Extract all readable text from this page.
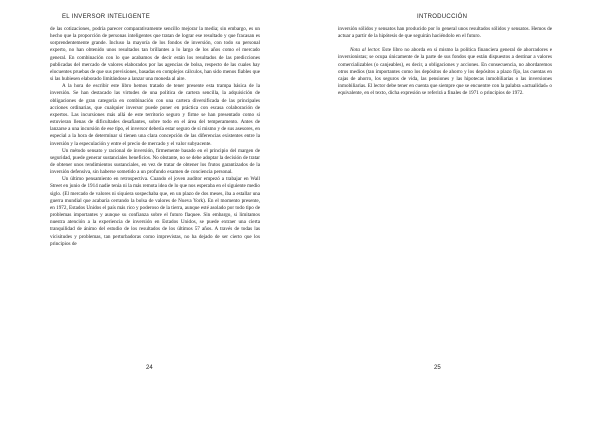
EL INVERSOR INTELIGENTE

de las cotizaciones, podría parecer comparativamente sencillo mejorar la media; sin embargo, es un hecho que la proporción de personas inteligentes que tratan de lograr ese resultado y que fracasan es sorprendentemente grande. Incluso la mayoría de los fondos de inversión, con todo su personal experto, no han obtenido unos resultados tan brillantes a lo largo de los años como el mercado general. En combinación con lo que acabamos de decir están los resultados de las predicciones publicadas del mercado de valores elaborados por las agencias de bolsa, respecto de las cuales hay elocuentes pruebas de que sus previsiones, basadas en complejos cálculos, han sido menos fiables que si las hubiesen elaborado limitándose a lanzar una moneda al aire.

A la hora de escribir este libro hemos tratado de tener presente esta trampa básica de la inversión. Se han destacado las virtudes de una política de cartera sencilla, la adquisición de obligaciones de gran categoría en combinación con una cartera diversificada de las principales acciones ordinarias, que cualquier inversor puede poner en práctica con escasa colaboración de expertos. Las incursiones más allá de este territorio seguro y firme se han presentado como si estuvieran llenas de dificultades desafiantes, sobre todo en el área del temperamento. Antes de lanzarse a una incursión de ese tipo, el inversor debería estar seguro de sí mismo y de sus asesores, en especial a la hora de determinar si tienen una clara concepción de las diferencias existentes entre la inversión y la especulación y entre el precio de mercado y el valor subyacente.

Un método sensato y racional de inversión, firmemente basado en el principio del margen de seguridad, puede generar sustanciales beneficios. No obstante, no se debe adoptar la decisión de tratar de obtener unos rendimientos sustanciales, en vez de tratar de obtener los frutos garantizados de la inversión defensiva, sin haberse sometido a un profundo examen de conciencia personal.

Un último pensamiento en retrospectiva. Cuando el joven auditor empezó a trabajar en Wall Street en junio de 1914 nadie tenía ni la más remota idea de lo que nos esperaba en el siguiente medio siglo. (El mercado de valores ni siquiera sospechaba que, en un plazo de dos meses, iba a estallar una guerra mundial que acabaría cerrando la bolsa de valores de Nueva York). En el momento presente, en 1972, Estados Unidos el país más rico y poderoso de la tierra, aunque esté asolado por todo tipo de problemas importantes y aunque su confianza sobre el futuro flaquee. Sin embargo, si limitamos nuestra atención a la experiencia de inversión en Estados Unidos, se puede extraer una cierta tranquilidad de ánimo del estudio de los resultados de los últimos 57 años. A través de todas las vicisitudes y problemas, tan perturbadoras como imprevistas, no ha dejado de ser cierto que los principios de

24
INTRODUCCIÓN

inversión sólidos y sensatos han producido por lo general unos resultados sólidos y sensatos. Hemos de actuar a partir de la hipótesis de que seguirán haciéndolo en el futuro.

Nota al lector. Este libro no aborda en sí mismo la política financiera general de ahorradores e inversionistas; se ocupa únicamente de la parte de sus fondos que están dispuestos a destinar a valores comercializables (o canjeables), es decir, a obligaciones y acciones. En consecuencia, no abordaremos otros medios (tan importantes como los depósitos de ahorro y los depósitos a plazo fijo, las cuentas en cajas de ahorro, los seguros de vida, las pensiones y las hipotecas inmobiliarias o las inversiones inmobiliarias. El lector debe tener en cuenta que siempre que se encuentre con la palabra «actualidad» o equivalente, en el texto, dicha expresión se referirá a finales de 1971 o principios de 1972.

25
